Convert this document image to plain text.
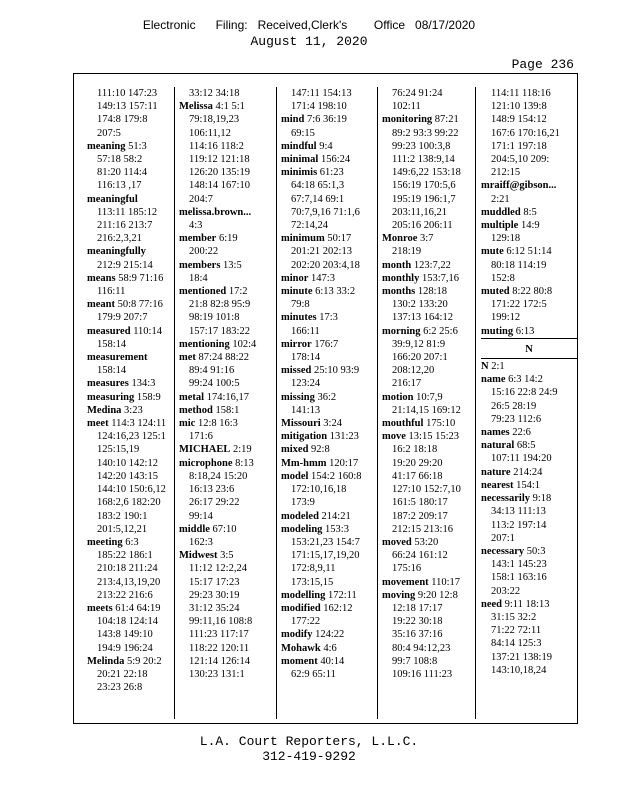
Electronic      Filing:   Received,Clerk's        Office   08/17/2020
August 11, 2020
Page 236
111:10 147:23
149:13 157:11
174:8 179:8
207:5
meaning 51:3
57:18 58:2
81:20 114:4
116:13 ,17
meaningful
113:11 185:12
211:16 213:7
216:2,3,21
meaningfully
212:9 215:14
means 58:9 71:16
116:11
meant 50:8 77:16
179:9 207:7
measured 110:14
158:14
measurement
158:14
measures 134:3
measuring 158:9
Medina 3:23
meet 114:3 124:11
124:16,23 125:1
125:15,19
140:10 142:12
142:20 143:15
144:10 150:6,12
168:2,6 182:20
183:2 190:1
201:5,12,21
meeting 6:3
185:22 186:1
210:18 211:24
213:4,13,19,20
213:22 216:6
meets 61:4 64:19
104:18 124:14
143:8 149:10
194:9 196:24
Melinda 5:9 20:2
20:21 22:18
23:23 26:8
33:12 34:18
Melissa 4:1 5:1
79:18,19,23
106:11,12
114:16 118:2
119:12 121:18
126:20 135:19
148:14 167:10
204:7
melissa.brown...
4:3
member 6:19
200:22
members 13:5
18:4
mentioned 17:2
21:8 82:8 95:9
98:19 101:8
157:17 183:22
mentioning 102:4
met 87:24 88:22
89:4 91:16
99:24 100:5
metal 174:16,17
method 158:1
mic 12:8 16:3
171:6
MICHAEL 2:19
microphone 8:13
8:18,24 15:20
16:13 23:6
26:17 29:22
99:14
middle 67:10
162:3
Midwest 3:5
11:12 12:2,24
15:17 17:23
29:23 30:19
31:12 35:24
99:11,16 108:8
111:23 117:17
118:22 120:11
121:14 126:14
130:23 131:1
147:11 154:13
171:4 198:10
mind 7:6 36:19
69:15
mindful 9:4
minimal 156:24
minimis 61:23
64:18 65:1,3
67:7,14 69:1
70:7,9,16 71:1,6
72:14,24
minimum 50:17
201:21 202:13
202:20 203:4,18
minor 147:3
minute 6:13 33:2
79:8
minutes 17:3
166:11
mirror 176:7
178:14
missed 25:10 93:9
123:24
missing 36:2
141:13
Missouri 3:24
mitigation 131:23
mixed 92:8
Mm-hmm 120:17
model 154:2 160:8
172:10,16,18
173:9
modeled 214:21
modeling 153:3
153:21,23 154:7
171:15,17,19,20
172:8,9,11
173:15,15
modelling 172:11
modified 162:12
177:22
modify 124:22
Mohawk 4:6
moment 40:14
62:9 65:11
76:24 91:24
102:11
monitoring 87:21
89:2 93:3 99:22
99:23 100:3,8
111:2 138:9,14
149:6,22 153:18
156:19 170:5,6
195:19 196:1,7
203:11,16,21
205:16 206:11
Monroe 3:7
218:19
month 123:7,22
monthly 153:7,16
months 128:18
130:2 133:20
137:13 164:12
morning 6:2 25:6
39:9,12 81:9
166:20 207:1
208:12,20
216:17
motion 10:7,9
21:14,15 169:12
mouthful 175:10
move 13:15 15:23
16:2 18:18
19:20 29:20
41:17 66:18
127:10 152:7,10
161:5 180:17
187:2 209:17
212:15 213:16
moved 53:20
66:24 161:12
175:16
movement 110:17
moving 9:20 12:8
12:18 17:17
19:22 30:18
35:16 37:16
80:4 94:12,23
99:7 108:8
109:16 111:23
114:11 118:16
121:10 139:8
148:9 154:12
167:6 170:16,21
171:1 197:18
204:5,10 209:
212:15
mraiff@gibson...
2:21
muddled 8:5
multiple 14:9
129:18
mute 6:12 51:14
80:18 114:19
152:8
muted 8:22 80:8
171:22 172:5
199:12
muting 6:13
N
N 2:1
name 6:3 14:2
15:16 22:8 24:9
26:5 28:19
79:23 112:6
names 22:6
natural 68:5
107:11 194:20
nature 214:24
nearest 154:1
necessarily 9:18
34:13 111:13
113:2 197:14
207:1
necessary 50:3
143:1 145:23
158:1 163:16
203:22
need 9:11 18:13
31:15 32:2
71:22 72:11
84:14 125:3
137:21 138:19
143:10,18,24
L.A. Court Reporters, L.L.C.
312-419-9292
